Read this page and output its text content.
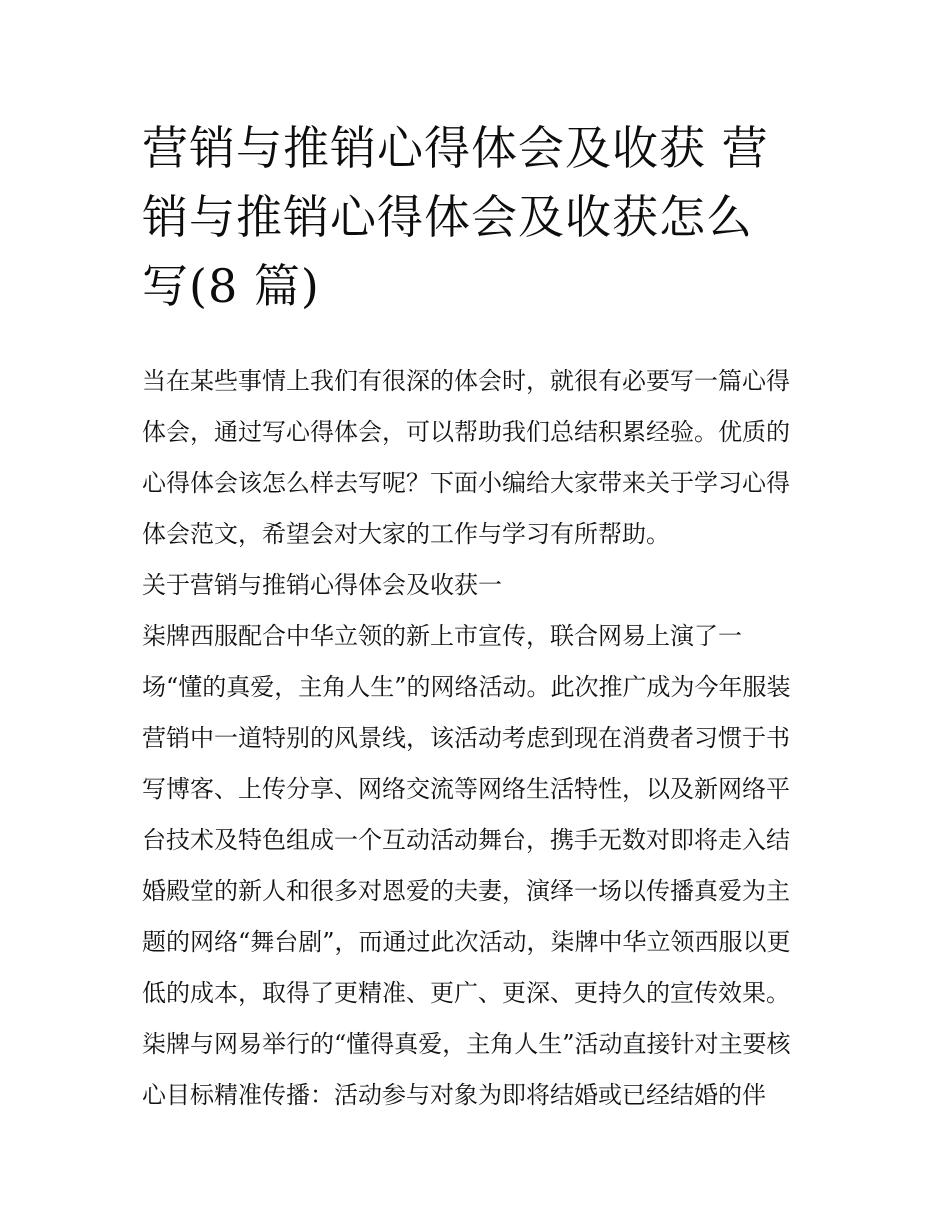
营销与推销心得体会及收获 营
销与推销心得体会及收获怎么
写(8 篇)
当在某些事情上我们有很深的体会时，就很有必要写一篇心得
体会，通过写心得体会，可以帮助我们总结积累经验。优质的
心得体会该怎么样去写呢？下面小编给大家带来关于学习心得
体会范文，希望会对大家的工作与学习有所帮助。
关于营销与推销心得体会及收获一
柒牌西服配合中华立领的新上市宣传，联合网易上演了一
场“懂的真爱，主角人生”的网络活动。此次推广成为今年服装
营销中一道特别的风景线，该活动考虑到现在消费者习惯于书
写博客、上传分享、网络交流等网络生活特性，以及新网络平
台技术及特色组成一个互动活动舞台，携手无数对即将走入结
婚殿堂的新人和很多对恩爱的夫妻，演绎一场以传播真爱为主
题的网络“舞台剧”，而通过此次活动，柒牌中华立领西服以更
低的成本，取得了更精准、更广、更深、更持久的宣传效果。
柒牌与网易举行的“懂得真爱，主角人生”活动直接针对主要核
心目标精准传播：活动参与对象为即将结婚或已经结婚的伴
